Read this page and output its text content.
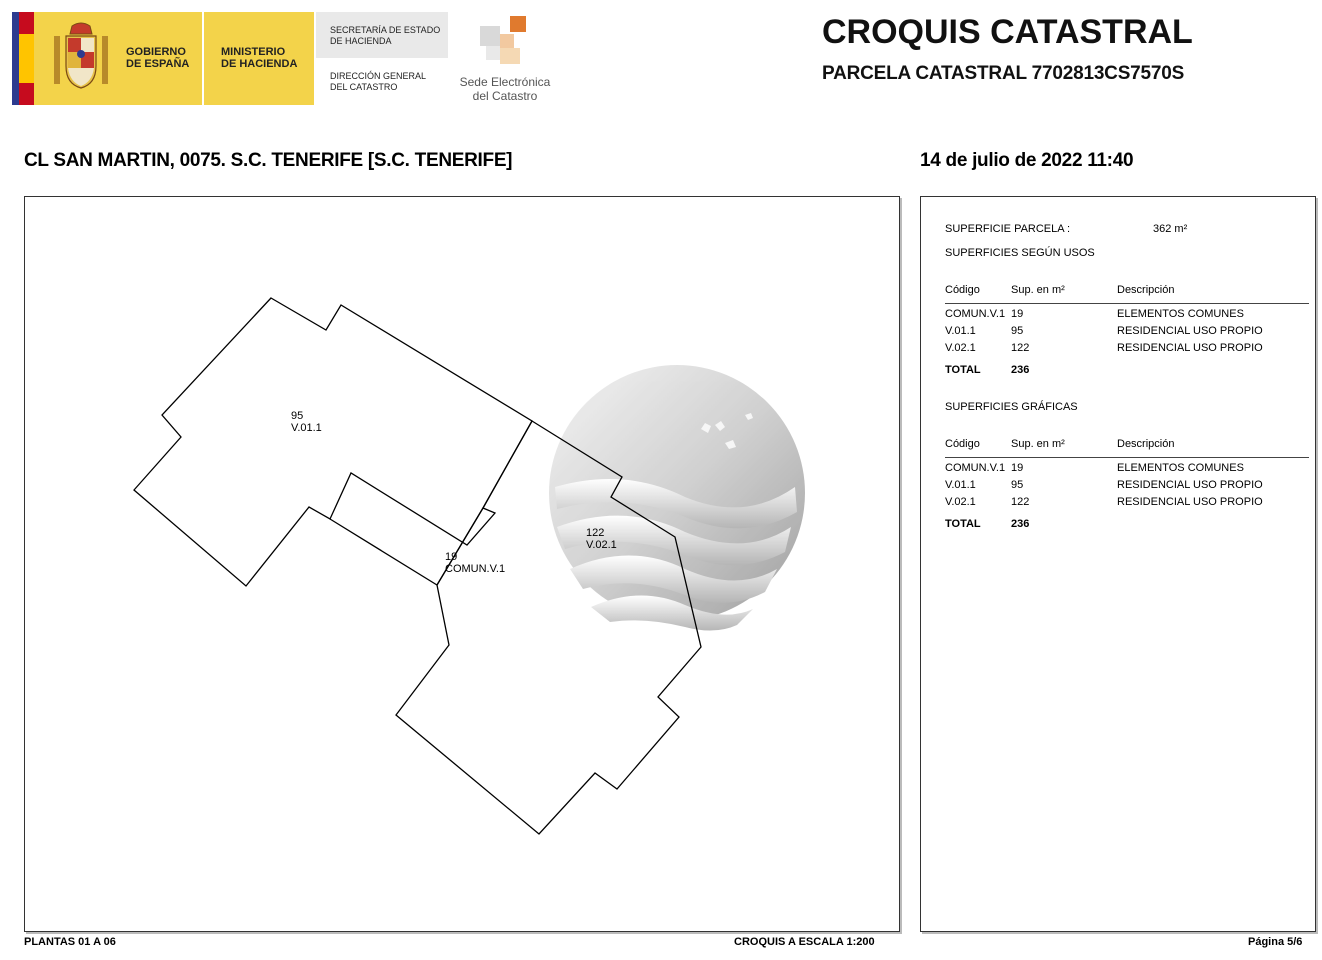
GOBIERNO
DE ESPAÑA
MINISTERIO
DE HACIENDA
SECRETARÍA DE ESTADO
DE HACIENDA
DIRECCIÓN GENERAL
DEL CATASTRO	Sede Electrónica
del Catastro
CROQUIS CATASTRAL
PARCELA CATASTRAL 7702813CS7570S
CL SAN MARTIN, 0075. S.C. TENERIFE [S.C. TENERIFE]	14 de julio de 2022 11:40
95
V.01.1
19
COMUN.V.1
122
V.02.1
SUPERFICIE PARCELA :	362 m²
SUPERFICIES SEGÚN USOS
Código	Sup. en m²	Descripción
COMUN.V.1 19	ELEMENTOS COMUNES
V.01.1	95	RESIDENCIAL USO PROPIO
V.02.1	122	RESIDENCIAL USO PROPIO
TOTAL	236
SUPERFICIES GRÁFICAS
Código	Sup. en m²	Descripción
COMUN.V.1 19	ELEMENTOS COMUNES
V.01.1	95	RESIDENCIAL USO PROPIO
V.02.1	122	RESIDENCIAL USO PROPIO
TOTAL	236
PLANTAS 01 A 06	CROQUIS A ESCALA 1:200	Página 5/6
